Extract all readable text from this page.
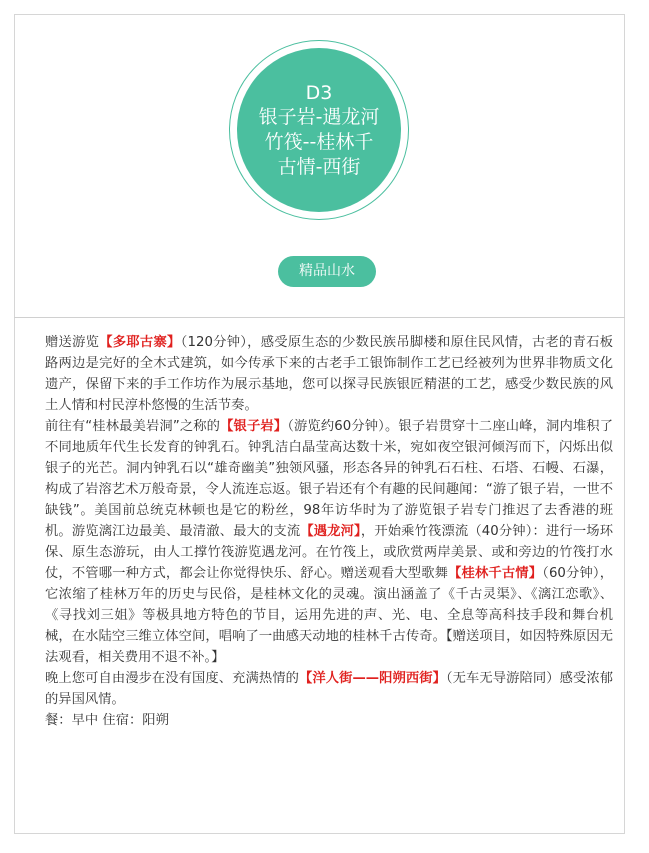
D3
银子岩-遇龙河竹筏--桂林千古情-西街
精品山水

赠送游览【多耶古寨】（120分钟），感受原生态的少数民族吊脚楼和原住民风情，古老的青石板路两边是完好的全木式建筑，如今传承下来的古老手工银饰制作工艺已经被列为世界非物质文化遗产，保留下来的手工作坊作为展示基地，您可以探寻民族银匠精湛的工艺，感受少数民族的风土人情和村民淳朴悠慢的生活节奏。

前往有“桂林最美岩洞”之称的【银子岩】（游览约60分钟）。银子岩贯穿十二座山峰，洞内堆积了不同地质年代生长发育的钟乳石。钟乳洁白晶莹高达数十米，宛如夜空银河倾泻而下，闪烁出似银子的光芒。洞内钟乳石以“雄奇幽美”独领风骚，形态各异的钟乳石石柱、石塔、石幔、石瀑，构成了岩溶艺术万般奇景，令人流连忘返。银子岩还有个有趣的民间趣闻：“游了银子岩，一世不缺钱”。美国前总统克林顿也是它的粉丝，98年访华时为了游览银子岩专门推迟了去香港的班机。游览漓江边最美、最清澈、最大的支流【遇龙河】，开始乘竹筏漂流（40分钟）：进行一场环保、原生态游玩，由人工撑竹筏游览遇龙河。在竹筏上，或欣赏两岸美景、或和旁边的竹筏打水仗，不管哪一种方式，都会让你觉得快乐、舒心。赠送观看大型歌舞【桂林千古情】（60分钟），它浓缩了桂林万年的历史与民俗，是桂林文化的灵魂。演出涵盖了《千古灵渠》、《漓江恋歌》、《寻找刘三姐》等极具地方特色的节目，运用先进的声、光、电、全息等高科技手段和舞台机械，在水陆空三维立体空间，唱响了一曲感天动地的桂林千古传奇。【赠送项目，如因特殊原因无法观看，相关费用不退不补。】

晚上您可自由漫步在没有国度、充满热情的【洋人街——阳朔西街】（无车无导游陪同）感受浓郁的异国风情。

餐：早中 住宿：阳朔
